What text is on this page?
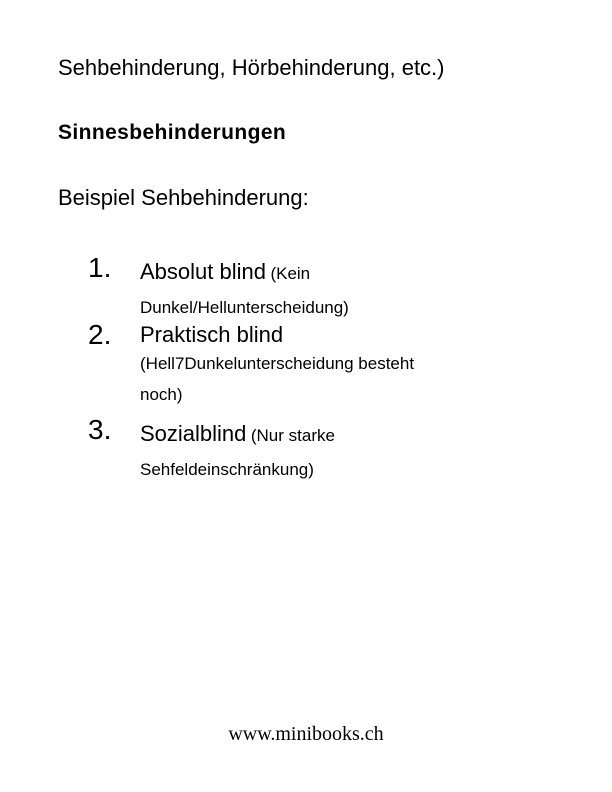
Sehbehinderung, Hörbehinderung, etc.)
Sinnesbehinderungen
Beispiel Sehbehinderung:
1. Absolut blind (Kein
Dunkel/Hellunterscheidung)
2. Praktisch blind
(Hell7Dunkelunterscheidung besteht
noch)
3. Sozialblind (Nur starke
Sehfeldeinschränkung)
www.minibooks.ch
